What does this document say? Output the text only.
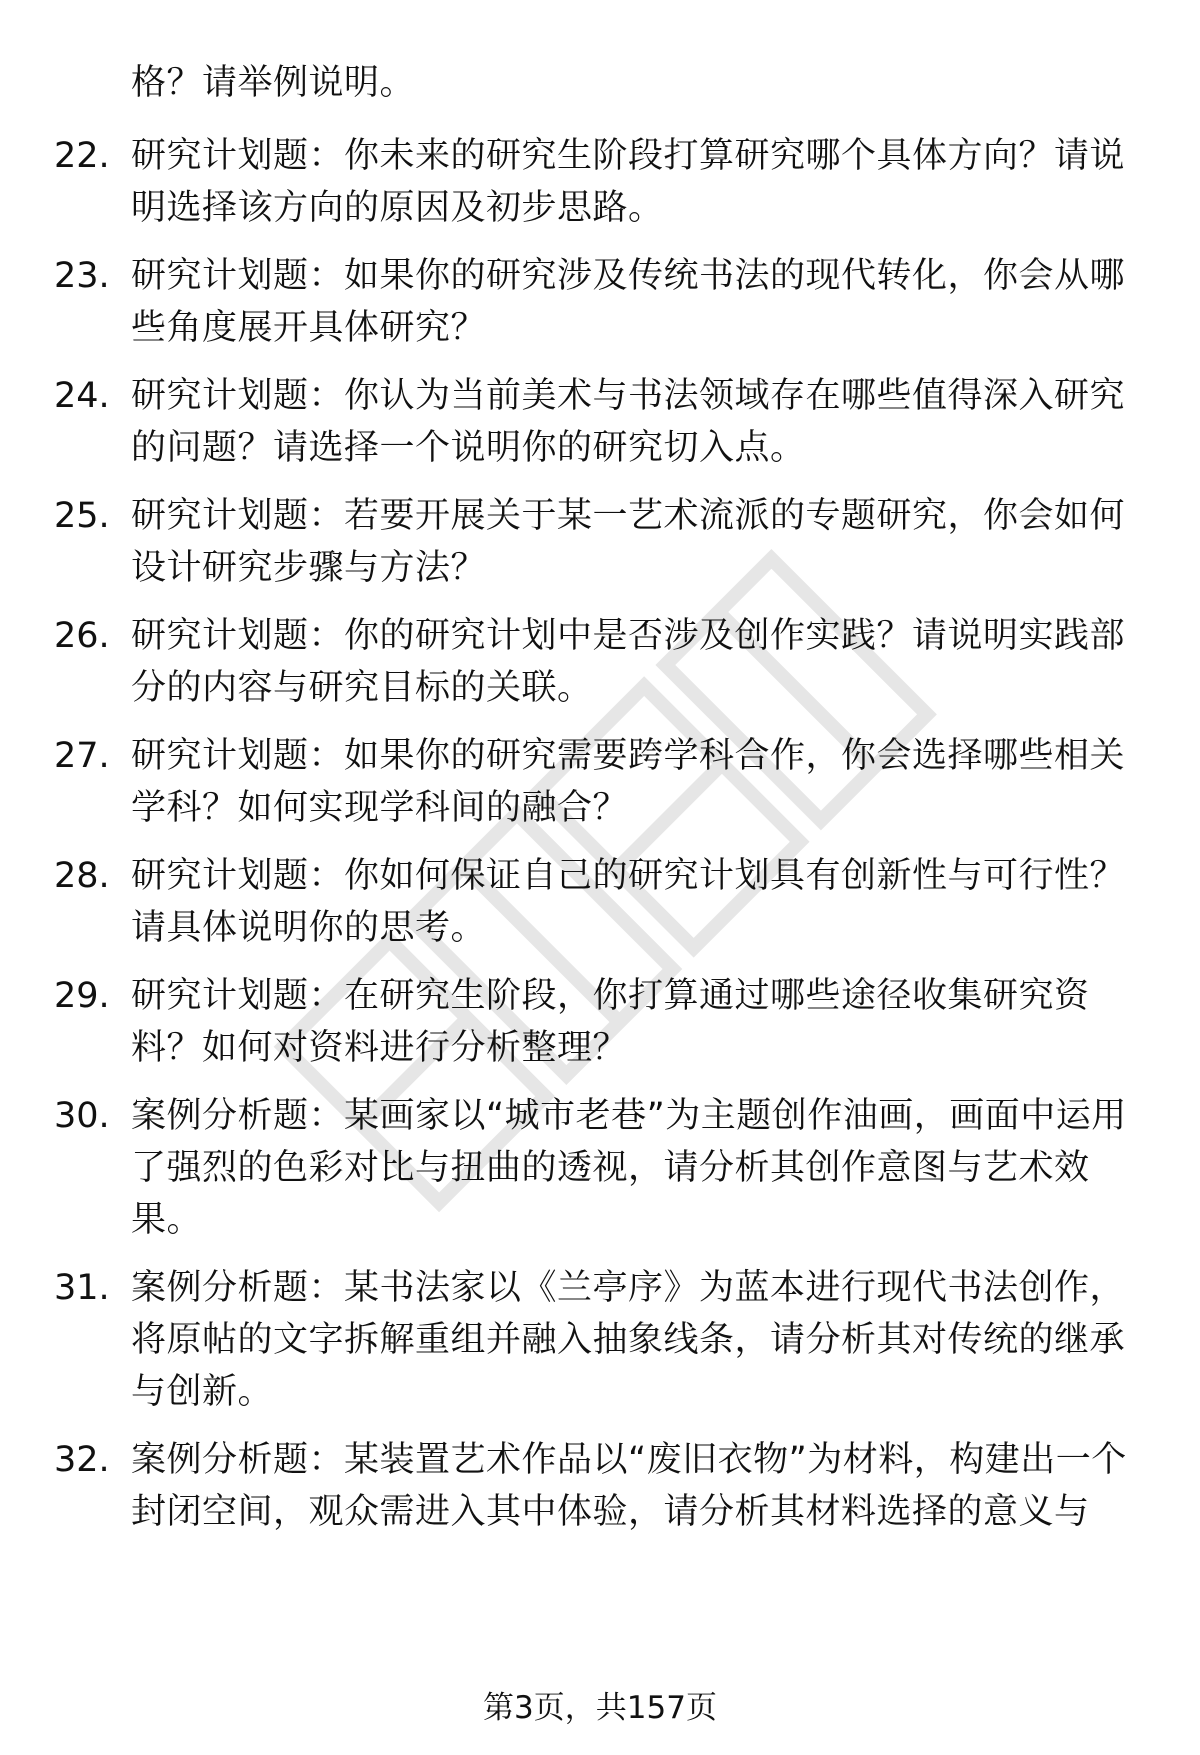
格？请举例说明。
22. 研究计划题：你未来的研究生阶段打算研究哪个具体方向？请说明选择该方向的原因及初步思路。
23. 研究计划题：如果你的研究涉及传统书法的现代转化，你会从哪些角度展开具体研究？
24. 研究计划题：你认为当前美术与书法领域存在哪些值得深入研究的问题？请选择一个说明你的研究切入点。
25. 研究计划题：若要开展关于某一艺术流派的专题研究，你会如何设计研究步骤与方法？
26. 研究计划题：你的研究计划中是否涉及创作实践？请说明实践部分的内容与研究目标的关联。
27. 研究计划题：如果你的研究需要跨学科合作，你会选择哪些相关学科？如何实现学科间的融合？
28. 研究计划题：你如何保证自己的研究计划具有创新性与可行性？请具体说明你的思考。
29. 研究计划题：在研究生阶段，你打算通过哪些途径收集研究资料？如何对资料进行分析整理？
30. 案例分析题：某画家以“城市老巷”为主题创作油画，画面中运用了强烈的色彩对比与扭曲的透视，请分析其创作意图与艺术效果。
31. 案例分析题：某书法家以《兰亭序》为蓝本进行现代书法创作，将原帖的文字拆解重组并融入抽象线条，请分析其对传统的继承与创新。
32. 案例分析题：某装置艺术作品以“废旧衣物”为材料，构建出一个封闭空间，观众需进入其中体验，请分析其材料选择的意义与
第3页，共157页
